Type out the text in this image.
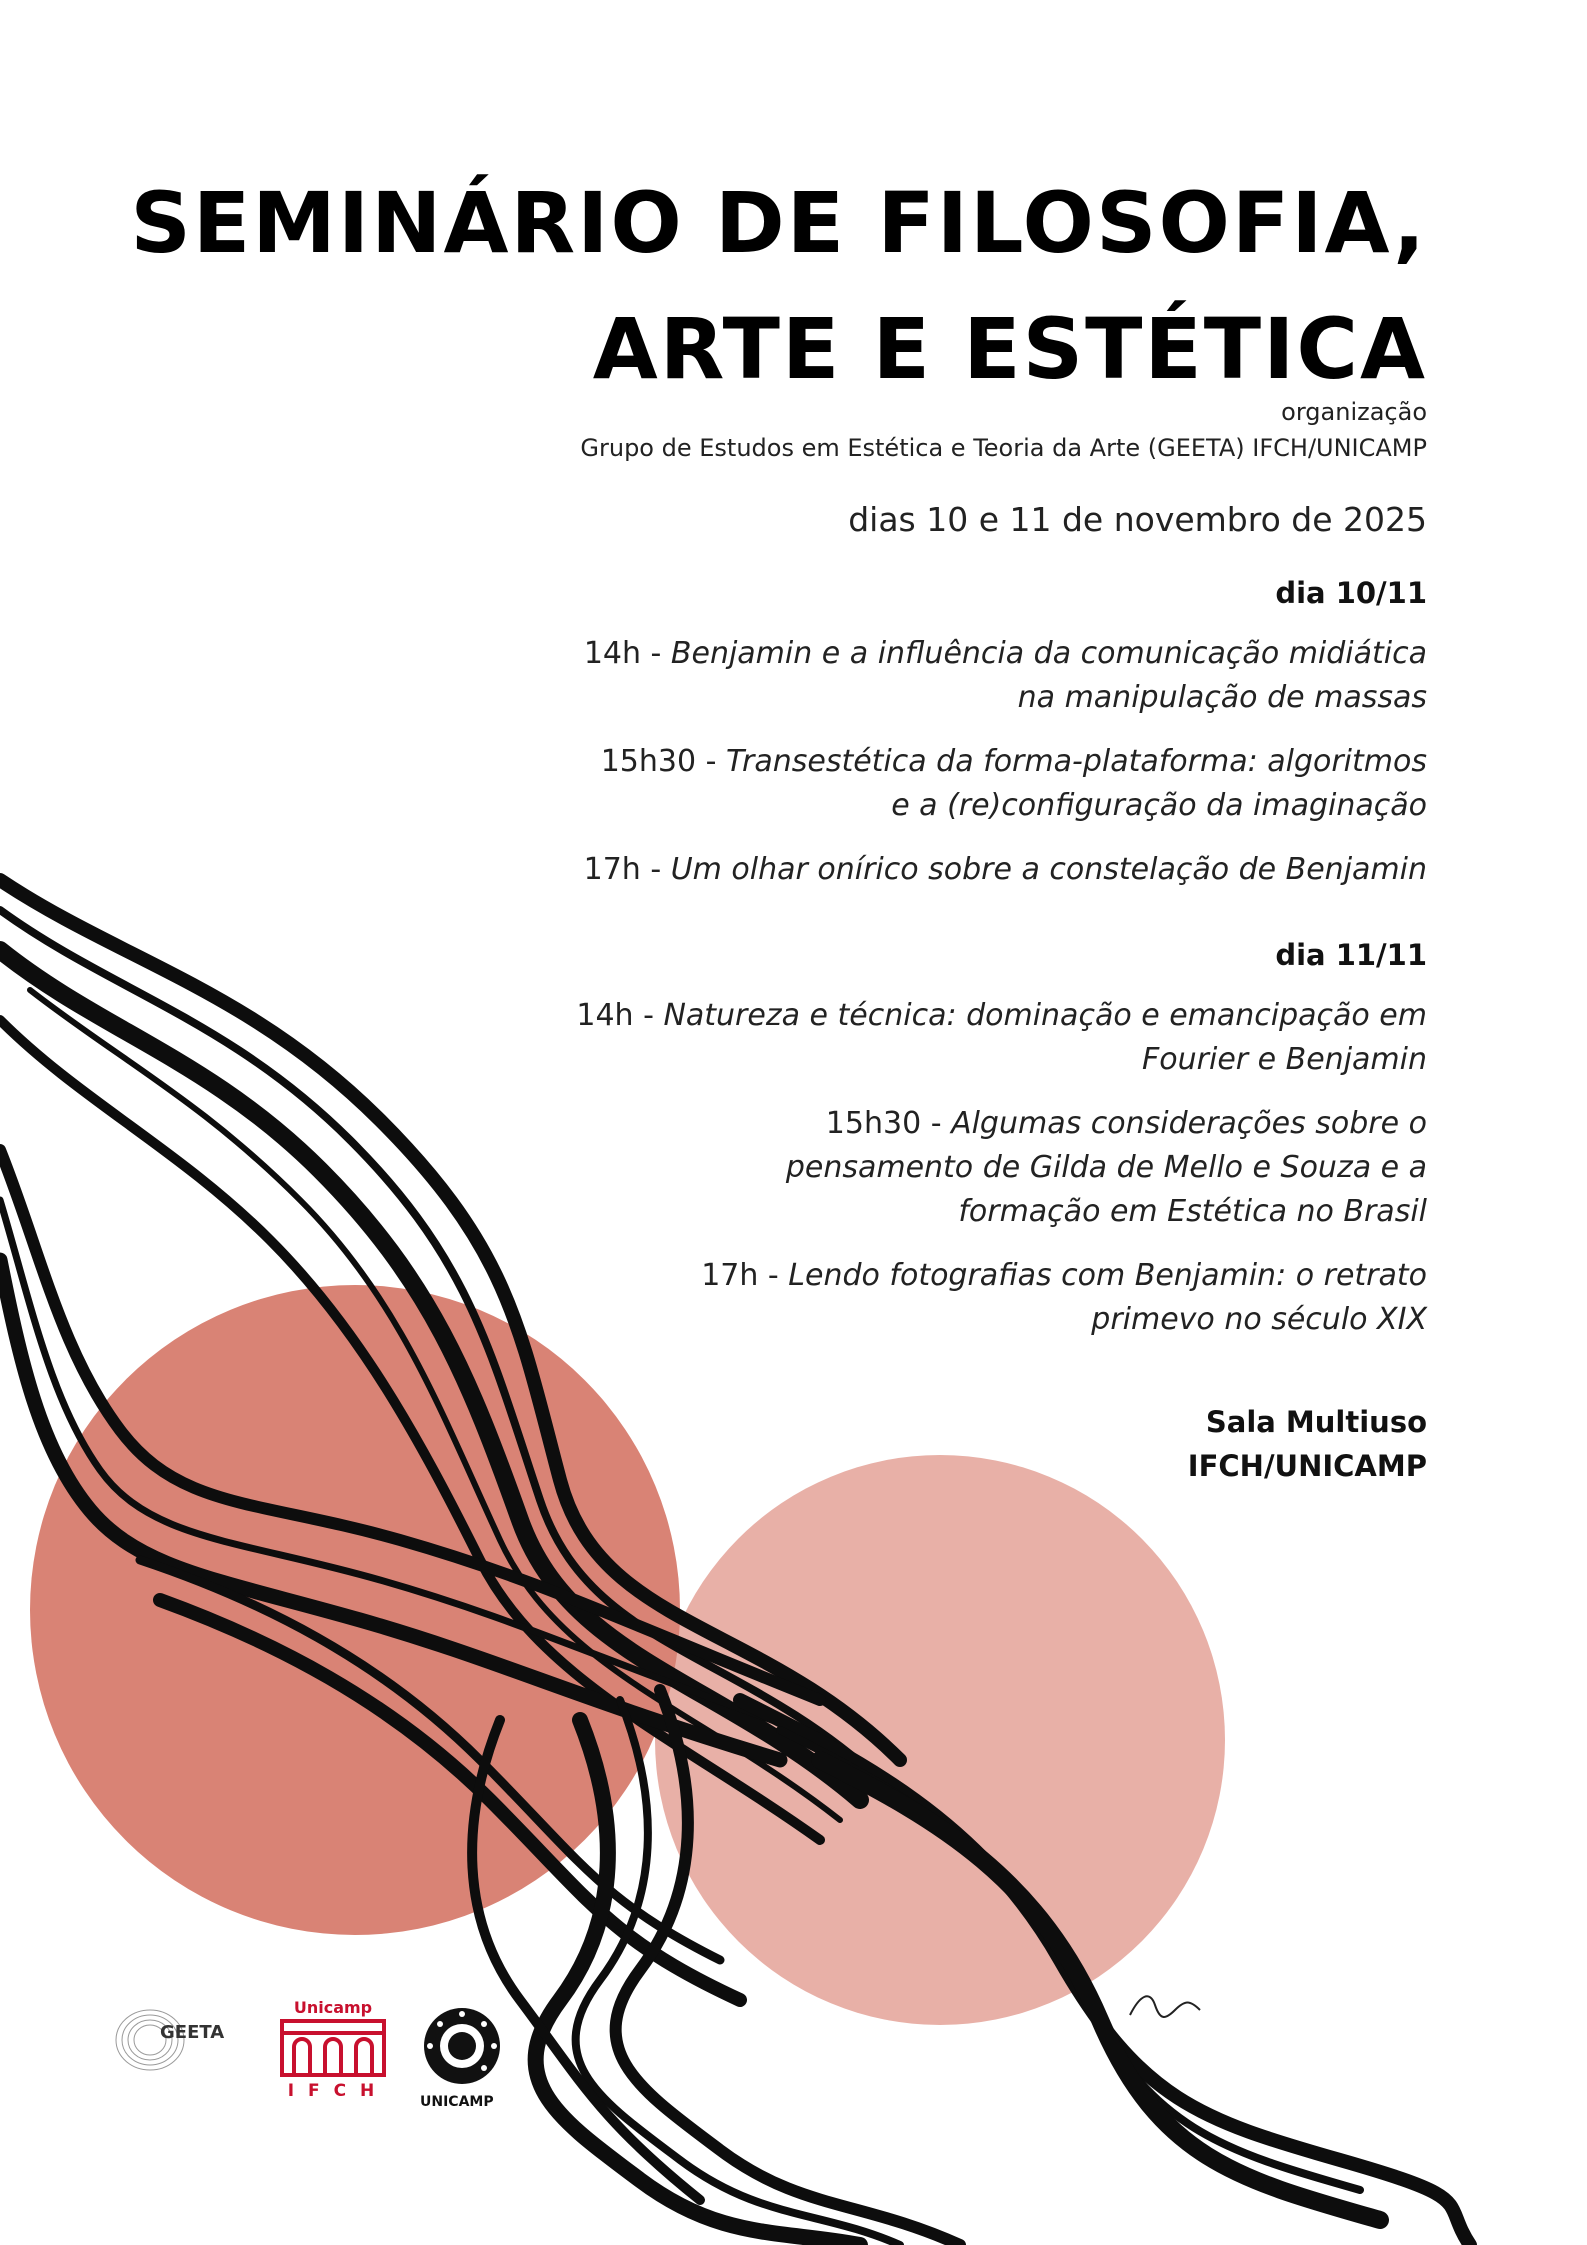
SEMINÁRIO DE FILOSOFIA,
ARTE E ESTÉTICA
organização
Grupo de Estudos em Estética e Teoria da Arte (GEETA) IFCH/UNICAMP
dias 10 e 11 de novembro de 2025
dia 10/11
14h - Benjamin e a influência da comunicação midiática
na manipulação de massas
15h30 - Transestética da forma-plataforma: algoritmos
e a (re)configuração da imaginação
17h - Um olhar onírico sobre a constelação de Benjamin
dia 11/11
14h - Natureza e técnica: dominação e emancipação em
Fourier e Benjamin
15h30 - Algumas considerações sobre o
pensamento de Gilda de Mello e Souza e a
formação em Estética no Brasil
17h - Lendo fotografias com Benjamin: o retrato
primevo no século XIX
Sala Multiuso
IFCH/UNICAMP
GEETA
Unicamp
I F C H
UNICAMP
